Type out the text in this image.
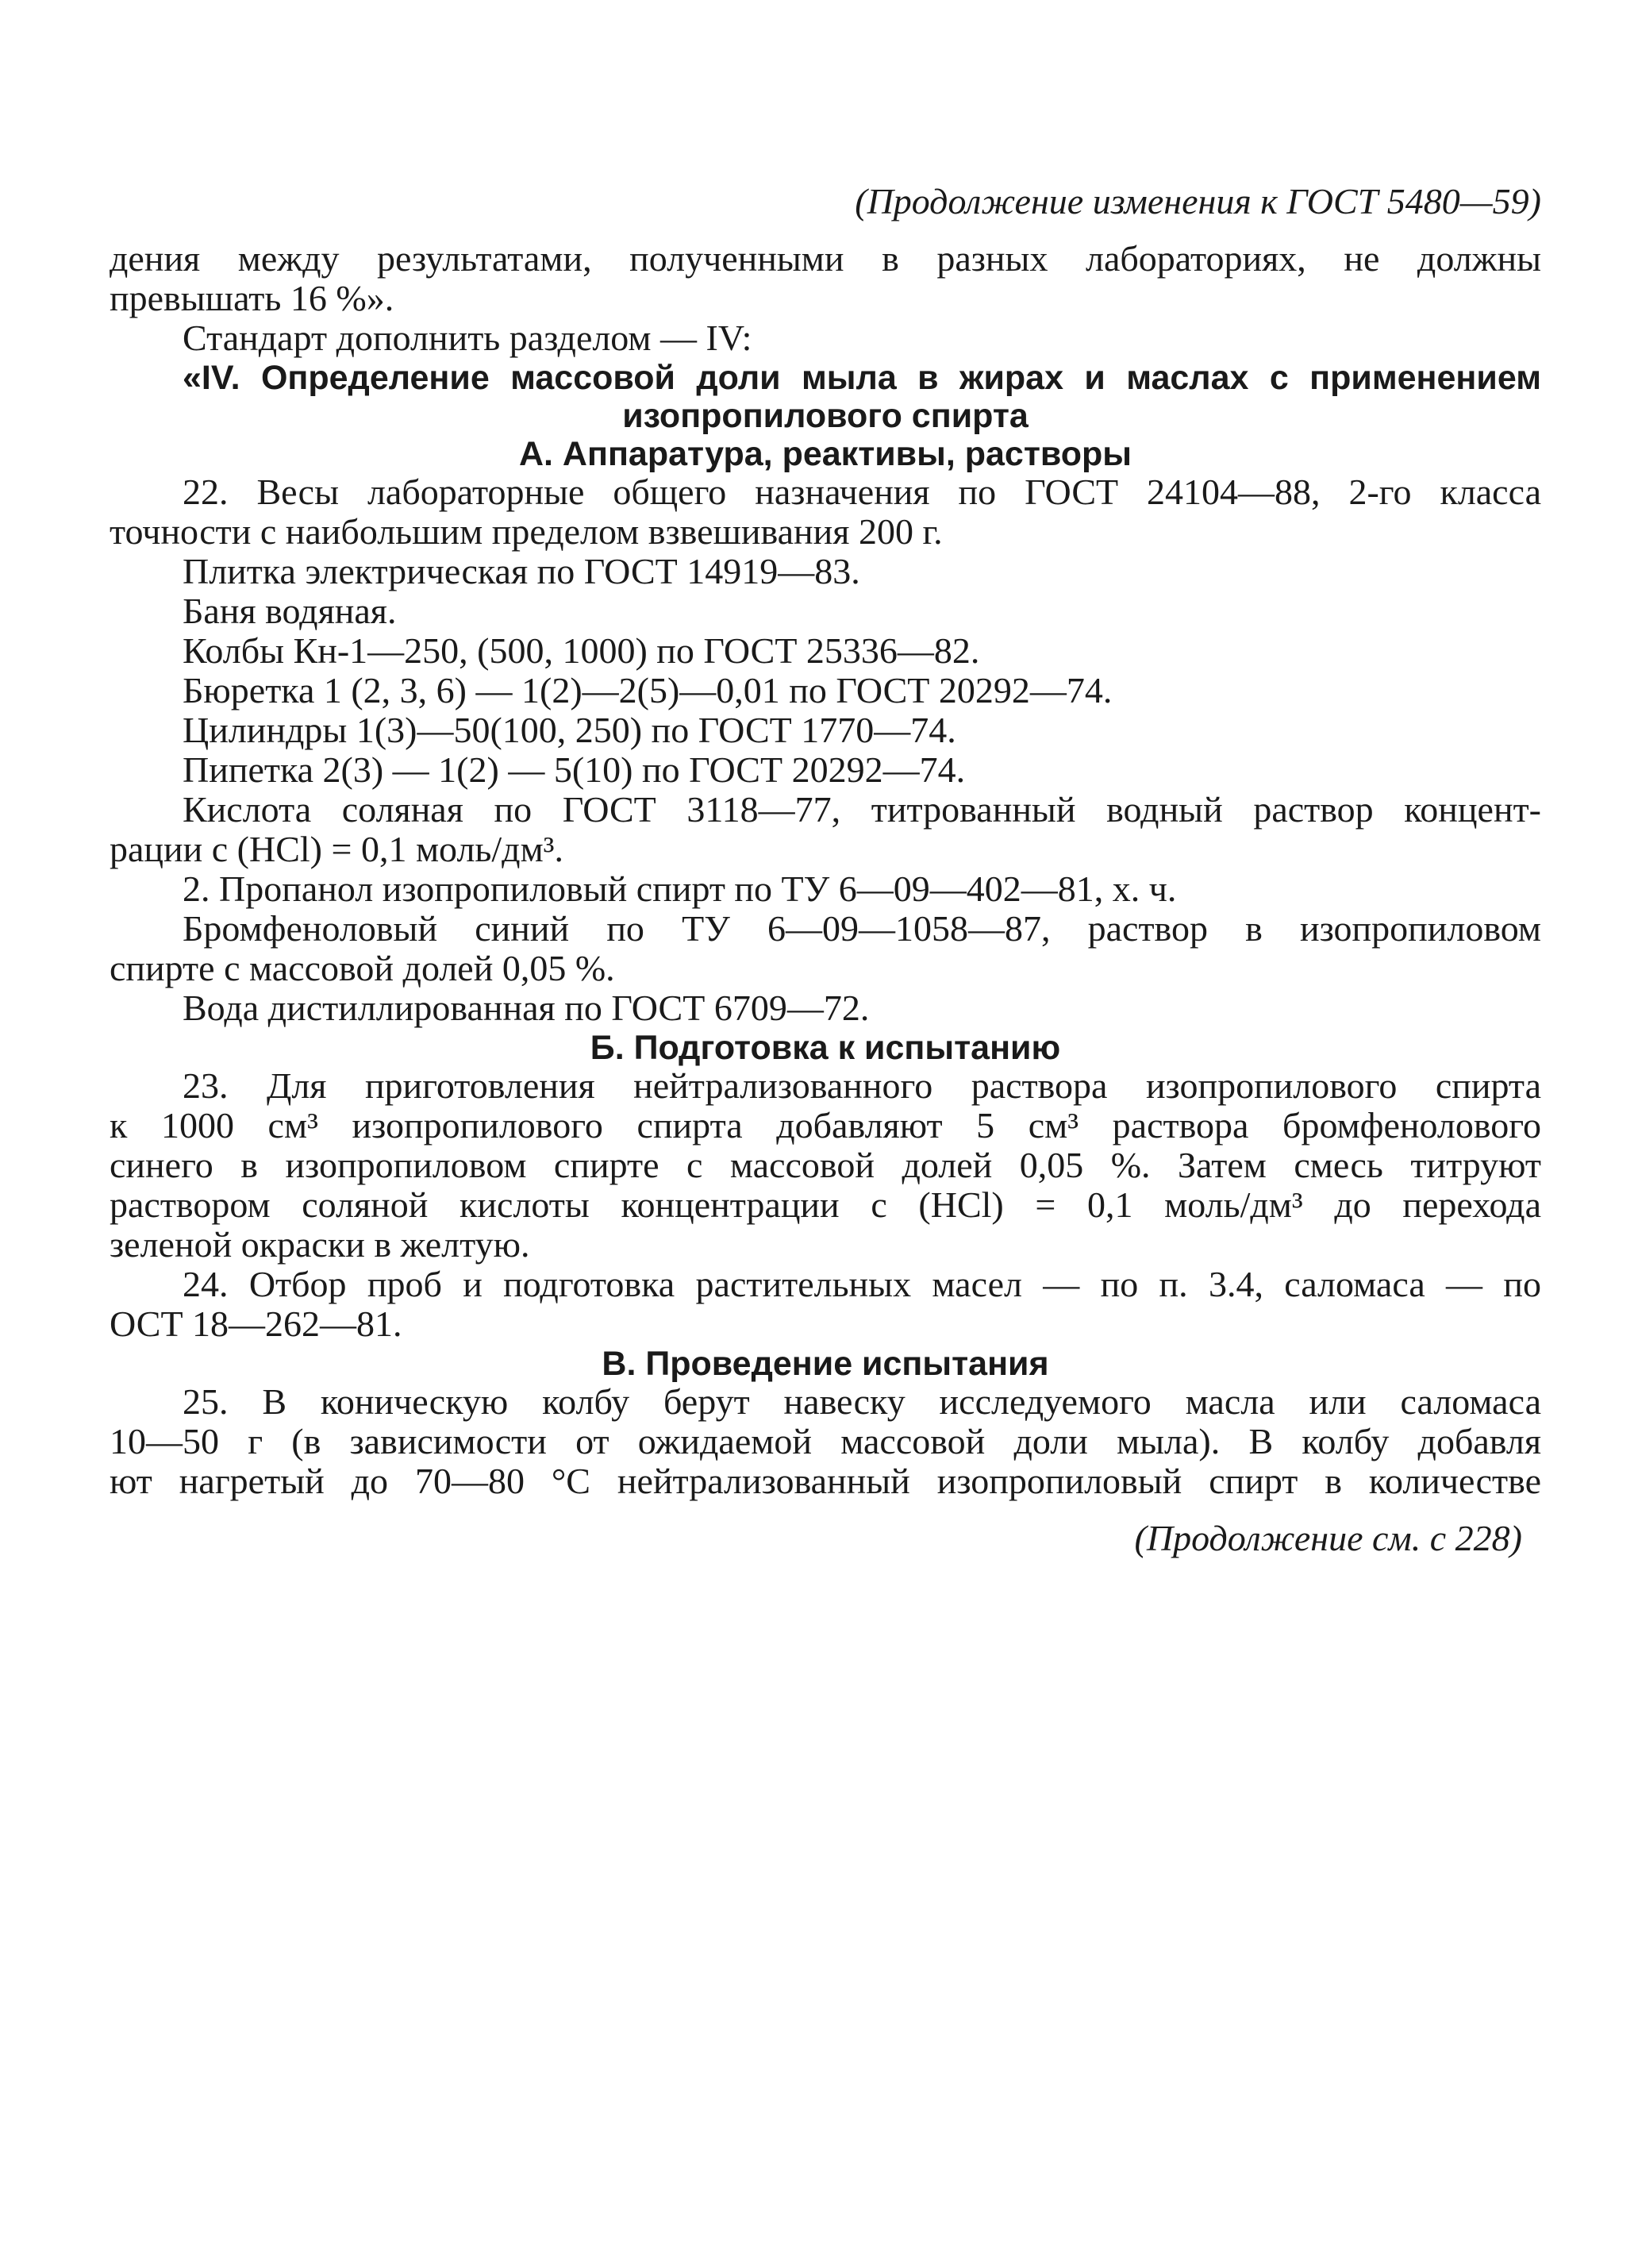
(Продолжение изменения к ГОСТ 5480—59)
дения между результатами, полученными в разных лабораториях, не должны
превышать 16 %».
Стандарт дополнить разделом — IV:
«IV. Определение массовой доли мыла в жирах и маслах с применением
изопропилового спирта
А. Аппаратура, реактивы, растворы
22. Весы лабораторные общего назначения по ГОСТ 24104—88, 2-го класса
точности с наибольшим пределом взвешивания 200 г.
Плитка электрическая по ГОСТ 14919—83.
Баня водяная.
Колбы Кн-1—250, (500, 1000) по ГОСТ 25336—82.
Бюретка 1 (2, 3, 6) — 1(2)—2(5)—0,01 по ГОСТ 20292—74.
Цилиндры 1(3)—50(100, 250) по ГОСТ 1770—74.
Пипетка 2(3) — 1(2) — 5(10) по ГОСТ 20292—74.
Кислота соляная по ГОСТ 3118—77, титрованный водный раствор концент-
рации c (HCl) = 0,1 моль/дм³.
2. Пропанол изопропиловый спирт по ТУ 6—09—402—81, х. ч.
Бромфеноловый синий по ТУ 6—09—1058—87, раствор в изопропиловом
спирте с массовой долей 0,05 %.
Вода дистиллированная по ГОСТ 6709—72.
Б. Подготовка к испытанию
23. Для приготовления нейтрализованного раствора изопропилового спирта
к 1000 см³ изопропилового спирта добавляют 5 см³ раствора бромфенолового
синего в изопропиловом спирте с массовой долей 0,05 %. Затем смесь титруют
раствором соляной кислоты концентрации c (HCl) = 0,1 моль/дм³ до перехода
зеленой окраски в желтую.
24. Отбор проб и подготовка растительных масел — по п. 3.4, саломаса — по
ОСТ 18—262—81.
В. Проведение испытания
25. В коническую колбу берут навеску исследуемого масла или саломаса
10—50 г (в зависимости от ожидаемой массовой доли мыла). В колбу добавля
ют нагретый до 70—80 °С нейтрализованный изопропиловый спирт в количестве
(Продолжение см. с 228)
